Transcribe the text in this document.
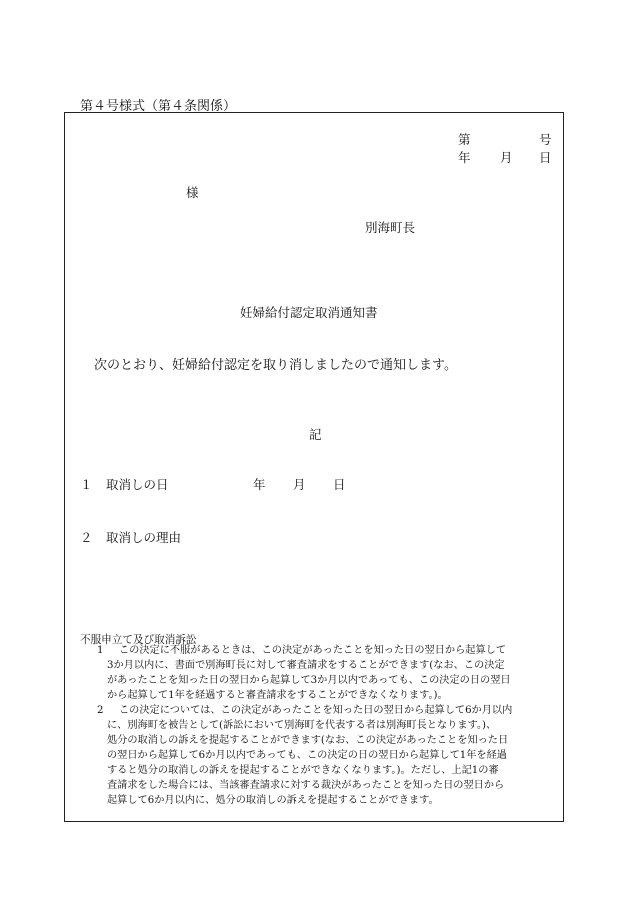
第４号様式（第４条関係）
第	号
年 月 日
様
別海町長
妊婦給付認定取消通知書
次のとおり、妊婦給付認定を取り消しましたので通知します。
記
１ 取消しの日	年 月 日
２ 取消しの理由
不服申立て及び取消訴訟
1 この決定に不服があるときは、この決定があったことを知った日の翌日から起算して
3か月以内に、書面で別海町長に対して審査請求をすることができます(なお、この決定
があったことを知った日の翌日から起算して3か月以内であっても、この決定の日の翌日
から起算して1年を経過すると審査請求をすることができなくなります。)。
2 この決定については、この決定があったことを知った日の翌日から起算して6か月以内
に、別海町を被告として(訴訟において別海町を代表する者は別海町長となります。)、
処分の取消しの訴えを提起することができます(なお、この決定があったことを知った日
の翌日から起算して6か月以内であっても、この決定の日の翌日から起算して1年を経過
すると処分の取消しの訴えを提起することができなくなります。)。ただし、上記1の審
査請求をした場合には、当該審査請求に対する裁決があったことを知った日の翌日から
起算して6か月以内に、処分の取消しの訴えを提起することができます。
